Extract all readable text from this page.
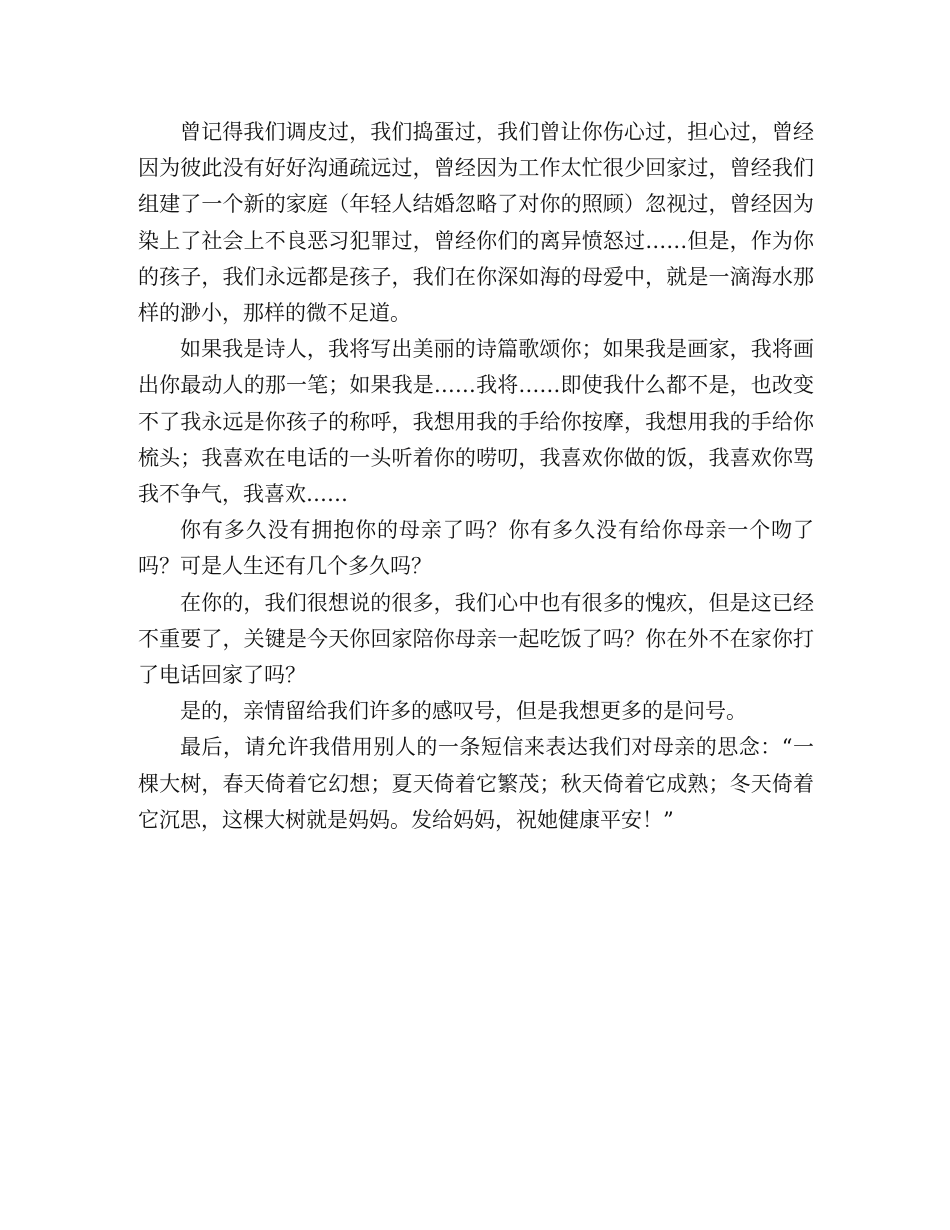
曾记得我们调皮过，我们捣蛋过，我们曾让你伤心过，担心过，曾经因为彼此没有好好沟通疏远过，曾经因为工作太忙很少回家过，曾经我们组建了一个新的家庭（年轻人结婚忽略了对你的照顾）忽视过，曾经因为染上了社会上不良恶习犯罪过，曾经你们的离异愤怒过……但是，作为你的孩子，我们永远都是孩子，我们在你深如海的母爱中，就是一滴海水那样的渺小，那样的微不足道。

如果我是诗人，我将写出美丽的诗篇歌颂你；如果我是画家，我将画出你最动人的那一笔；如果我是……我将……即使我什么都不是，也改变不了我永远是你孩子的称呼，我想用我的手给你按摩，我想用我的手给你梳头；我喜欢在电话的一头听着你的唠叨，我喜欢你做的饭，我喜欢你骂我不争气，我喜欢……

你有多久没有拥抱你的母亲了吗？你有多久没有给你母亲一个吻了吗？可是人生还有几个多久吗？

在你的，我们很想说的很多，我们心中也有很多的愧疚，但是这已经不重要了，关键是今天你回家陪你母亲一起吃饭了吗？你在外不在家你打了电话回家了吗？

是的，亲情留给我们许多的感叹号，但是我想更多的是问号。

最后，请允许我借用别人的一条短信来表达我们对母亲的思念：“一棵大树，春天倚着它幻想；夏天倚着它繁茂；秋天倚着它成熟；冬天倚着它沉思，这棵大树就是妈妈。发给妈妈，祝她健康平安！”
